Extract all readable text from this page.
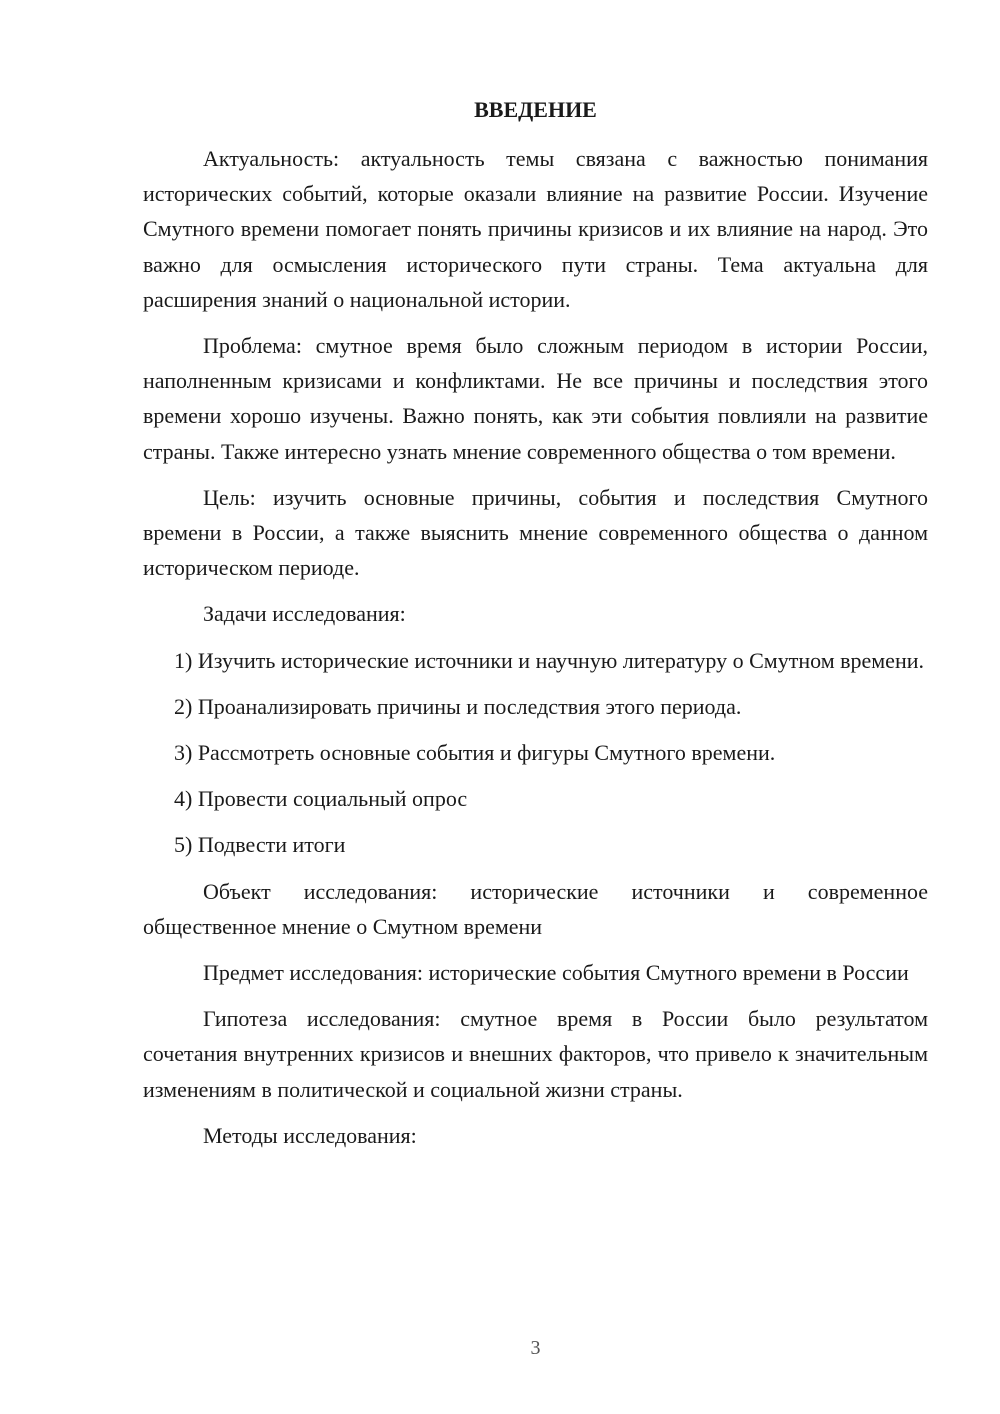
ВВЕДЕНИЕ

Актуальность: актуальность темы связана с важностью понимания исторических событий, которые оказали влияние на развитие России. Изучение Смутного времени помогает понять причины кризисов и их влияние на народ. Это важно для осмысления исторического пути страны. Тема актуальна для расширения знаний о национальной истории.

Проблема: смутное время было сложным периодом в истории России, наполненным кризисами и конфликтами. Не все причины и последствия этого времени хорошо изучены. Важно понять, как эти события повлияли на развитие страны. Также интересно узнать мнение современного общества о том времени.

Цель: изучить основные причины, события и последствия Смутного времени в России, а также выяснить мнение современного общества о данном историческом периоде.

Задачи исследования:

1) Изучить исторические источники и научную литературу о Смутном времени.

2) Проанализировать причины и последствия этого периода.

3) Рассмотреть основные события и фигуры Смутного времени.

4) Провести социальный опрос

5) Подвести итоги

Объект исследования: исторические источники и современное общественное мнение о Смутном времени

Предмет исследования: исторические события Смутного времени в России

Гипотеза исследования: смутное время в России было результатом сочетания внутренних кризисов и внешних факторов, что привело к значительным изменениям в политической и социальной жизни страны.

Методы исследования:

3
